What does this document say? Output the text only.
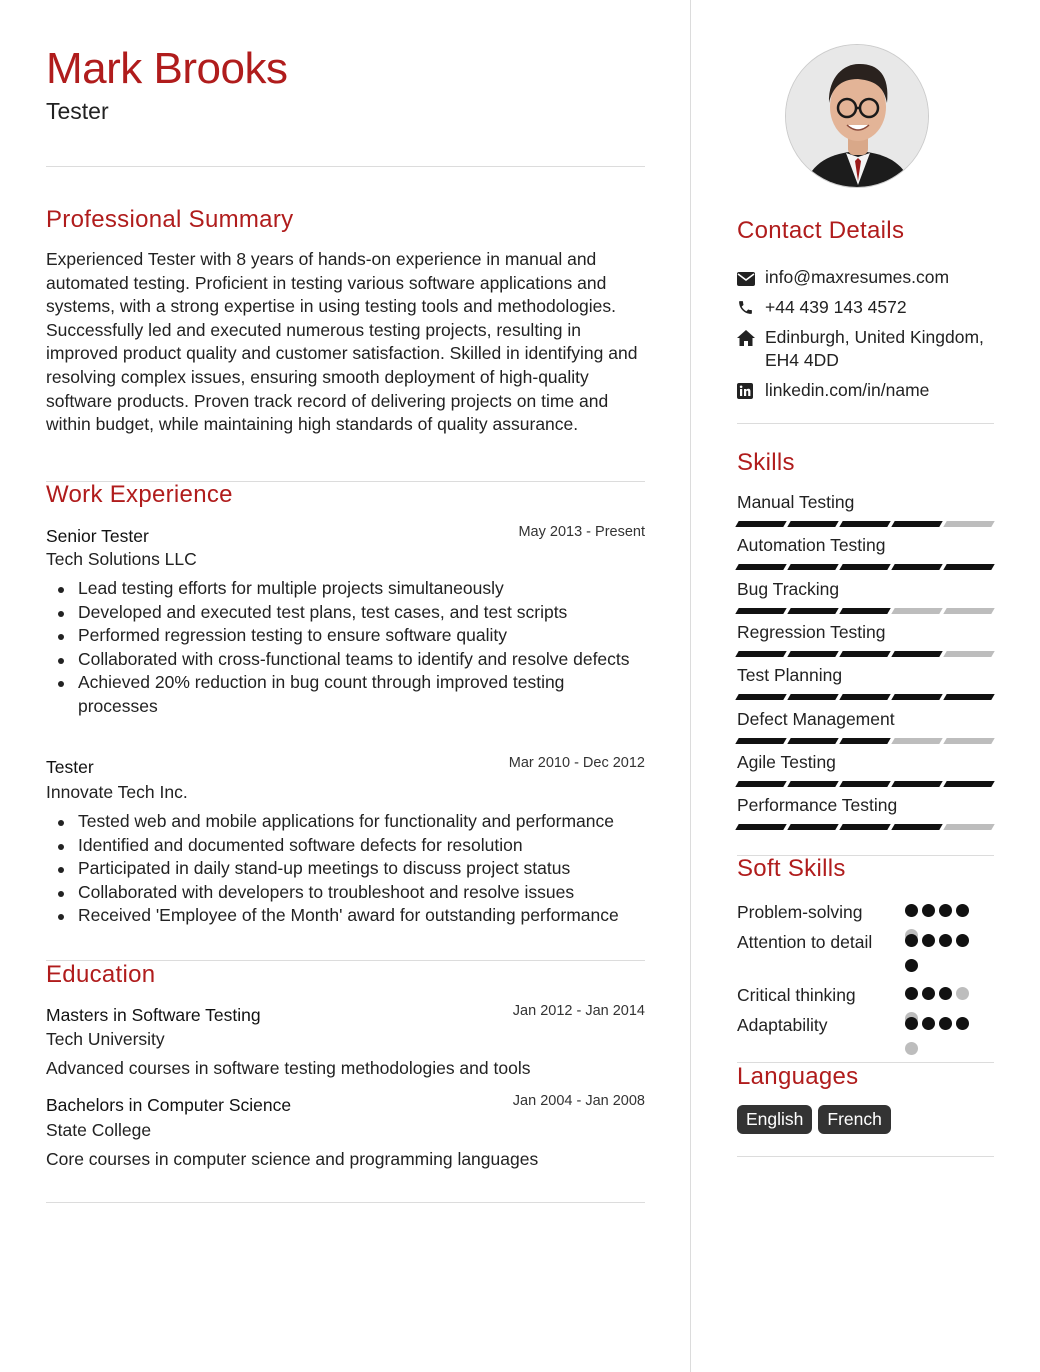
Mark Brooks
Tester
Professional Summary
Experienced Tester with 8 years of hands-on experience in manual and automated testing. Proficient in testing various software applications and systems, with a strong expertise in using testing tools and methodologies. Successfully led and executed numerous testing projects, resulting in improved product quality and customer satisfaction. Skilled in identifying and resolving complex issues, ensuring smooth deployment of high-quality software products. Proven track record of delivering projects on time and within budget, while maintaining high standards of quality assurance.
Work Experience
Senior Tester	May 2013 - Present
Tech Solutions LLC
Lead testing efforts for multiple projects simultaneously
Developed and executed test plans, test cases, and test scripts
Performed regression testing to ensure software quality
Collaborated with cross-functional teams to identify and resolve defects
Achieved 20% reduction in bug count through improved testing processes
Tester	Mar 2010 - Dec 2012
Innovate Tech Inc.
Tested web and mobile applications for functionality and performance
Identified and documented software defects for resolution
Participated in daily stand-up meetings to discuss project status
Collaborated with developers to troubleshoot and resolve issues
Received 'Employee of the Month' award for outstanding performance
Education
Masters in Software Testing	Jan 2012 - Jan 2014
Tech University
Advanced courses in software testing methodologies and tools
Bachelors in Computer Science	Jan 2004 - Jan 2008
State College
Core courses in computer science and programming languages
Contact Details
info@maxresumes.com
+44 439 143 4572
Edinburgh, United Kingdom, EH4 4DD
linkedin.com/in/name
Skills
Manual Testing
Automation Testing
Bug Tracking
Regression Testing
Test Planning
Defect Management
Agile Testing
Performance Testing
Soft Skills
Problem-solving
Attention to detail
Critical thinking
Adaptability
Languages
English	French
